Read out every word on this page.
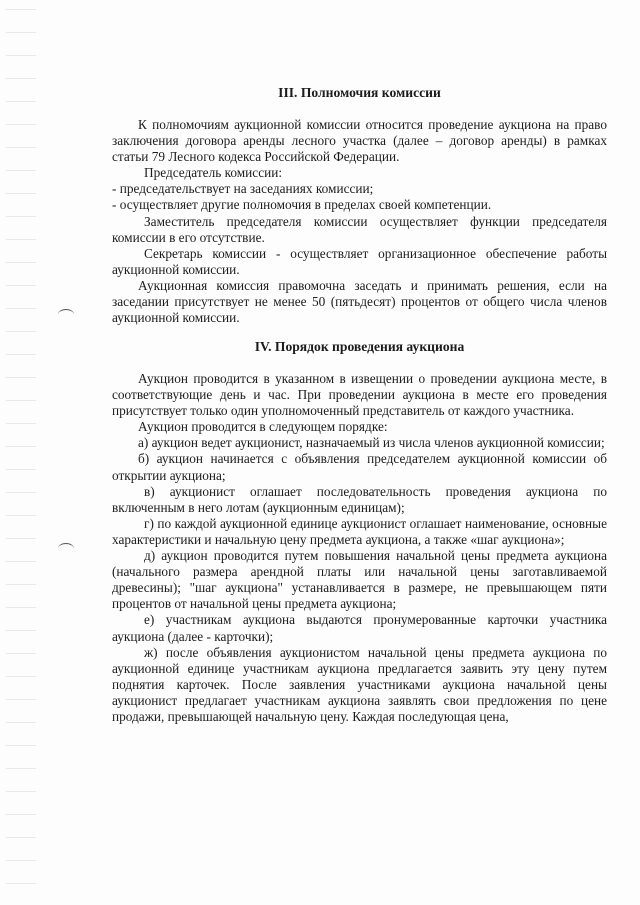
III. Полномочия комиссии

К полномочиям аукционной комиссии относится проведение аукциона на право заключения договора аренды лесного участка (далее – договор аренды) в рамках статьи 79 Лесного кодекса Российской Федерации.

Председатель комиссии:

- председательствует на заседаниях комиссии;

- осуществляет другие полномочия в пределах своей компетенции.

Заместитель председателя комиссии осуществляет функции председателя комиссии в его отсутствие.

Секретарь комиссии - осуществляет организационное обеспечение работы аукционной комиссии.

Аукционная комиссия правомочна заседать и принимать решения, если на заседании присутствует не менее 50 (пятьдесят) процентов от общего числа членов аукционной комиссии.

IV. Порядок проведения аукциона

Аукцион проводится в указанном в извещении о проведении аукциона месте, в соответствующие день и час. При проведении аукциона в месте его проведения присутствует только один уполномоченный представитель от каждого участника.

Аукцион проводится в следующем порядке:

а) аукцион ведет аукционист, назначаемый из числа членов аукционной комиссии;

б) аукцион начинается с объявления председателем аукционной комиссии об открытии аукциона;

в) аукционист оглашает последовательность проведения аукциона по включенным в него лотам (аукционным единицам);

г) по каждой аукционной единице аукционист оглашает наименование, основные характеристики и начальную цену предмета аукциона, а также «шаг аукциона»;

д) аукцион проводится путем повышения начальной цены предмета аукциона (начального размера арендной платы или начальной цены заготавливаемой древесины); "шаг аукциона" устанавливается в размере, не превышающем пяти процентов от начальной цены предмета аукциона;

е) участникам аукциона выдаются пронумерованные карточки участника аукциона (далее - карточки);

ж) после объявления аукционистом начальной цены предмета аукциона по аукционной единице участникам аукциона предлагается заявить эту цену путем поднятия карточек. После заявления участниками аукциона начальной цены аукционист предлагает участникам аукциона заявлять свои предложения по цене продажи, превышающей начальную цену. Каждая последующая цена,
